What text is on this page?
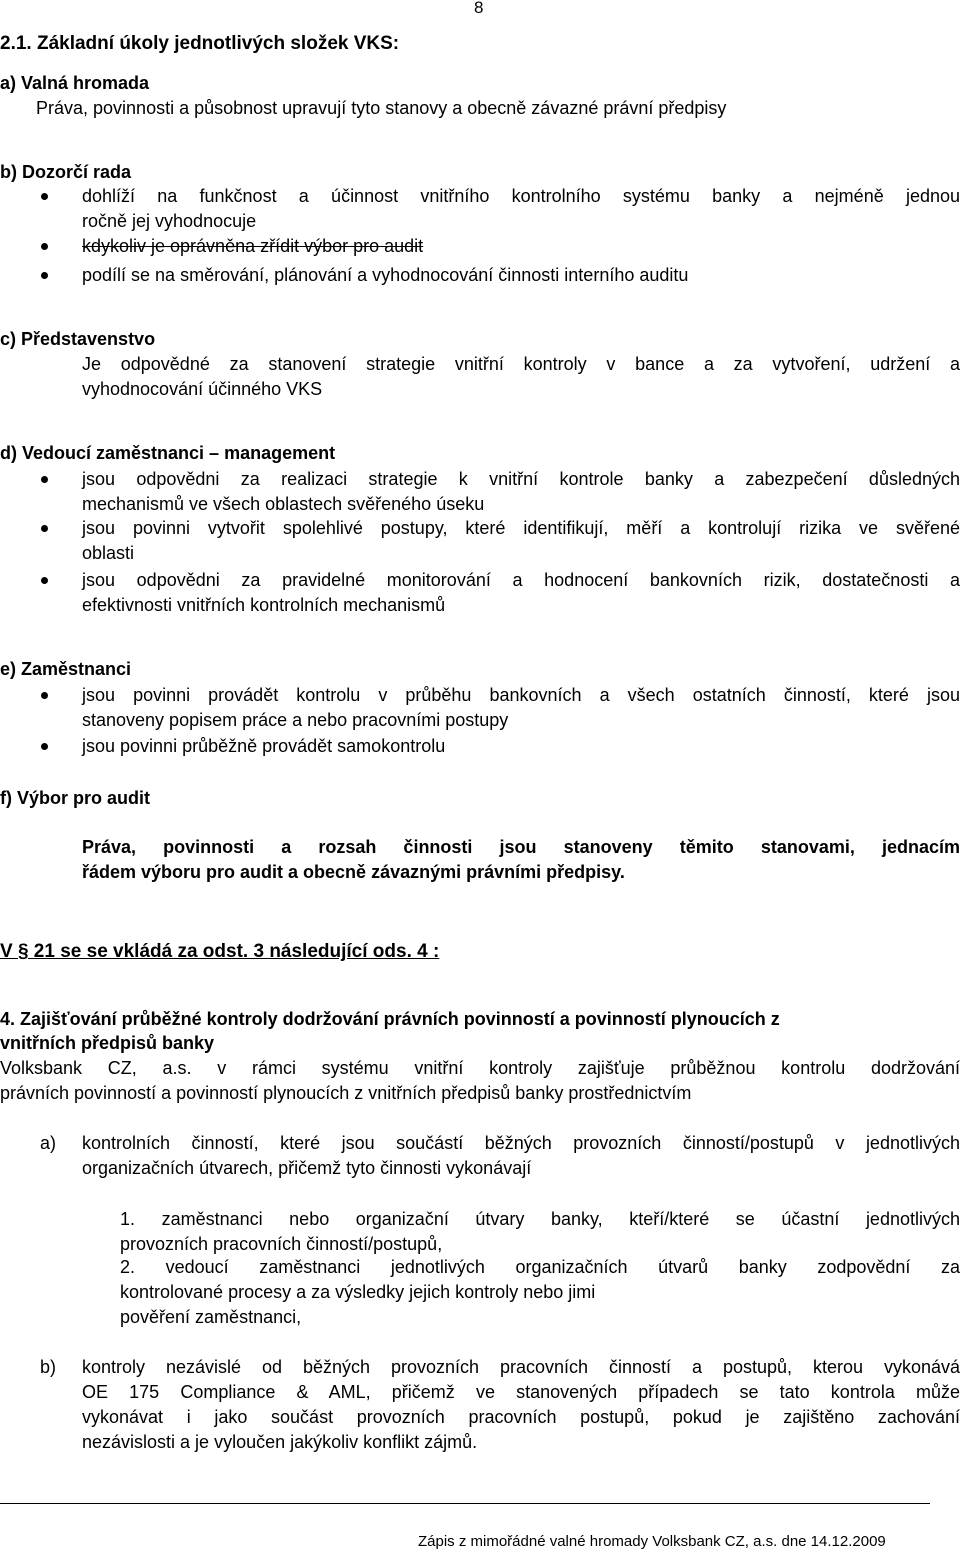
8
2.1. Základní úkoly jednotlivých složek VKS:
a) Valná hromada
Práva, povinnosti a působnost upravují tyto stanovy a obecně závazné právní předpisy
b) Dozorčí rada
dohlíží na funkčnost a účinnost vnitřního kontrolního systému banky a nejméně jednou
ročně jej vyhodnocuje
kdykoliv je oprávněna zřídit výbor pro audit
podílí se na směrování, plánování a vyhodnocování činnosti interního auditu
c) Představenstvo
Je odpovědné za stanovení strategie vnitřní kontroly v bance a za vytvoření, udržení a
vyhodnocování účinného VKS
d) Vedoucí zaměstnanci – management
jsou odpovědni za realizaci strategie k vnitřní kontrole banky a zabezpečení důsledných
mechanismů ve všech oblastech svěřeného úseku
jsou povinni vytvořit spolehlivé postupy, které identifikují, měří a kontrolují rizika ve svěřené
oblasti
jsou odpovědni za pravidelné monitorování a hodnocení bankovních rizik, dostatečnosti a
efektivnosti vnitřních kontrolních mechanismů
e) Zaměstnanci
jsou povinni provádět kontrolu v průběhu bankovních a všech ostatních činností, které jsou
stanoveny popisem práce a nebo pracovními postupy
jsou povinni průběžně provádět samokontrolu
f) Výbor pro audit
Práva, povinnosti a rozsah činnosti jsou stanoveny těmito stanovami, jednacím
řádem výboru pro audit a obecně závaznými právními předpisy.
V § 21 se se vkládá za odst. 3 následující ods. 4 :
4. Zajišťování průběžné kontroly dodržování právních povinností a povinností plynoucích z
vnitřních předpisů banky
Volksbank CZ, a.s. v rámci systému vnitřní kontroly zajišťuje průběžnou kontrolu dodržování
právních povinností a povinností plynoucích z vnitřních předpisů banky prostřednictvím
a) kontrolních činností, které jsou součástí běžných provozních činností/postupů v jednotlivých
organizačních útvarech, přičemž tyto činnosti vykonávají
1. zaměstnanci nebo organizační útvary banky, kteří/které se účastní jednotlivých
provozních pracovních činností/postupů,
2. vedoucí zaměstnanci jednotlivých organizačních útvarů banky zodpovědní za
kontrolované procesy a za výsledky jejich kontroly nebo jimi
pověření zaměstnanci,
b) kontroly nezávislé od běžných provozních pracovních činností a postupů, kterou vykonává
OE 175 Compliance & AML, přičemž ve stanovených případech se tato kontrola může
vykonávat i jako součást provozních pracovních postupů, pokud je zajištěno zachování
nezávislosti a je vyloučen jakýkoliv konflikt zájmů.
Zápis z mimořádné valné hromady Volksbank CZ, a.s. dne 14.12.2009
